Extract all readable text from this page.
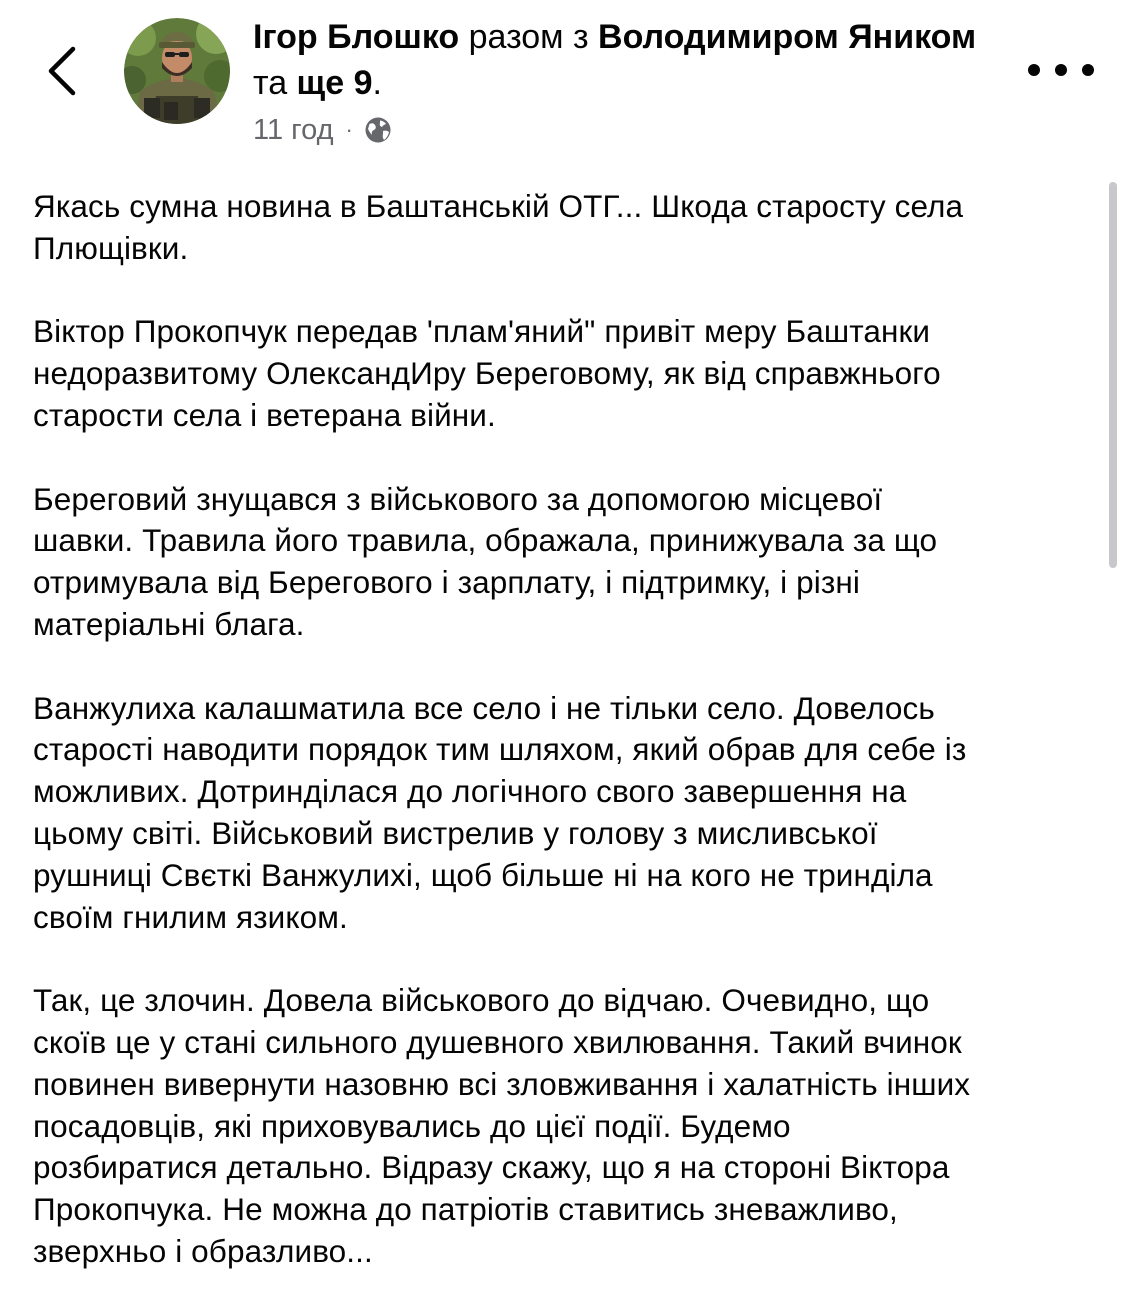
Ігор Блошко разом з Володимиром Яником
та ще 9.
11 год ·

Якась сумна новина в Баштанській ОТГ... Шкода старосту села
Плющівки.

Віктор Прокопчук передав 'плам'яний" привіт меру Баштанки
недоразвитому ОлександИру Береговому, як від справжнього
старости села і ветерана війни.

Береговий знущався з військового за допомогою місцевої
шавки. Травила його травила, ображала, принижувала за що
отримувала від Берегового і зарплату, і підтримку, і різні
матеріальні блага.

Ванжулиха калашматила все село і не тільки село. Довелось
старості наводити порядок тим шляхом, який обрав для себе із
можливих. Дотринділася до логічного свого завершення на
цьому світі. Військовий вистрелив у голову з мисливської
рушниці Свєткі Ванжулихі, щоб більше ні на кого не тринділа
своїм гнилим язиком.

Так, це злочин. Довела військового до відчаю. Очевидно, що
скоїв це у стані сильного душевного хвилювання. Такий вчинок
повинен вивернути назовню всі зловживання і халатність інших
посадовців, які приховувались до цієї події. Будемо
розбиратися детально. Відразу скажу, що я на стороні Віктора
Прокопчука. Не можна до патріотів ставитись зневажливо,
зверхньо і образливо...
